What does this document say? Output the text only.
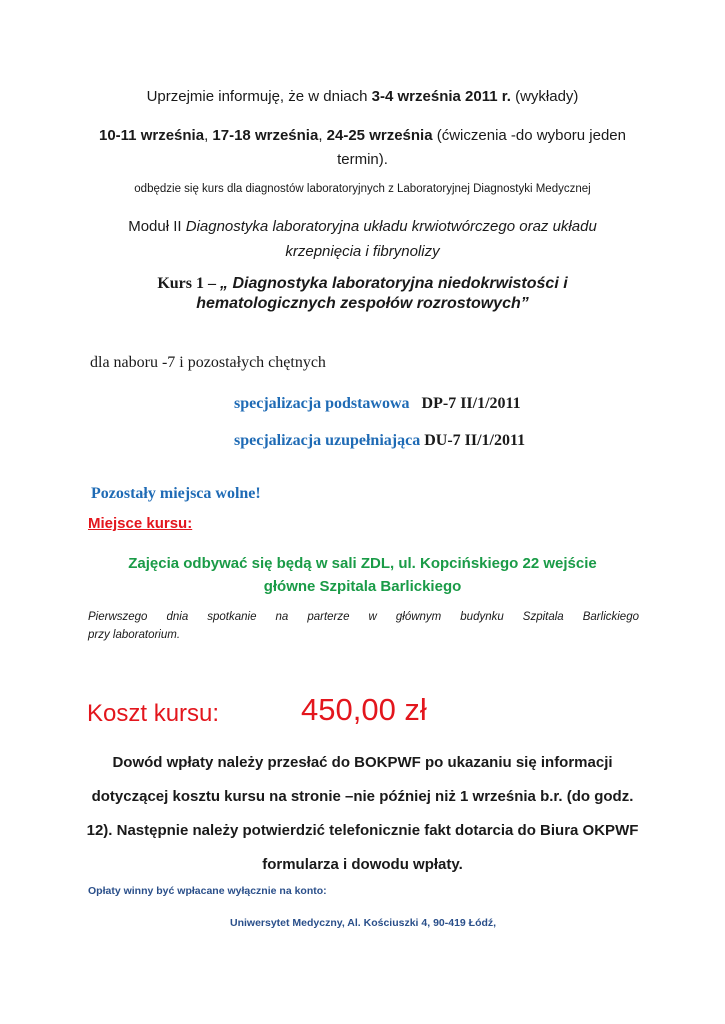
Uprzejmie informuję, że w dniach 3-4 września 2011 r. (wykłady)
10-11 września, 17-18 września, 24-25 września (ćwiczenia -do wyboru jeden
termin).
odbędzie się kurs dla diagnostów laboratoryjnych z Laboratoryjnej Diagnostyki Medycznej
Moduł II Diagnostyka laboratoryjna układu krwiotwórczego oraz układu
krzepnięcia i fibrynolizy
Kurs 1 – „ Diagnostyka laboratoryjna niedokrwistości i
hematologicznych zespołów rozrostowych”
dla naboru -7 i pozostałych chętnych
specjalizacja podstawowa DP-7 II/1/2011
specjalizacja uzupełniająca DU-7 II/1/2011
Pozostały miejsca wolne!
Miejsce kursu:
Zajęcia odbywać się będą w sali ZDL, ul. Kopcińskiego 22 wejście
główne Szpitala Barlickiego
Pierwszego dnia spotkanie na parterze w głównym budynku Szpitala Barlickiego
przy laboratorium.
Koszt kursu:	450,00 zł
Dowód wpłaty należy przesłać do BOKPWF po ukazaniu się informacji
dotyczącej kosztu kursu na stronie –nie później niż 1 września b.r. (do godz.
12). Następnie należy potwierdzić telefonicznie fakt dotarcia do Biura OKPWF
formularza i dowodu wpłaty.
Opłaty winny być wpłacane wyłącznie na konto:
Uniwersytet Medyczny, Al. Kościuszki 4, 90-419 Łódź,
